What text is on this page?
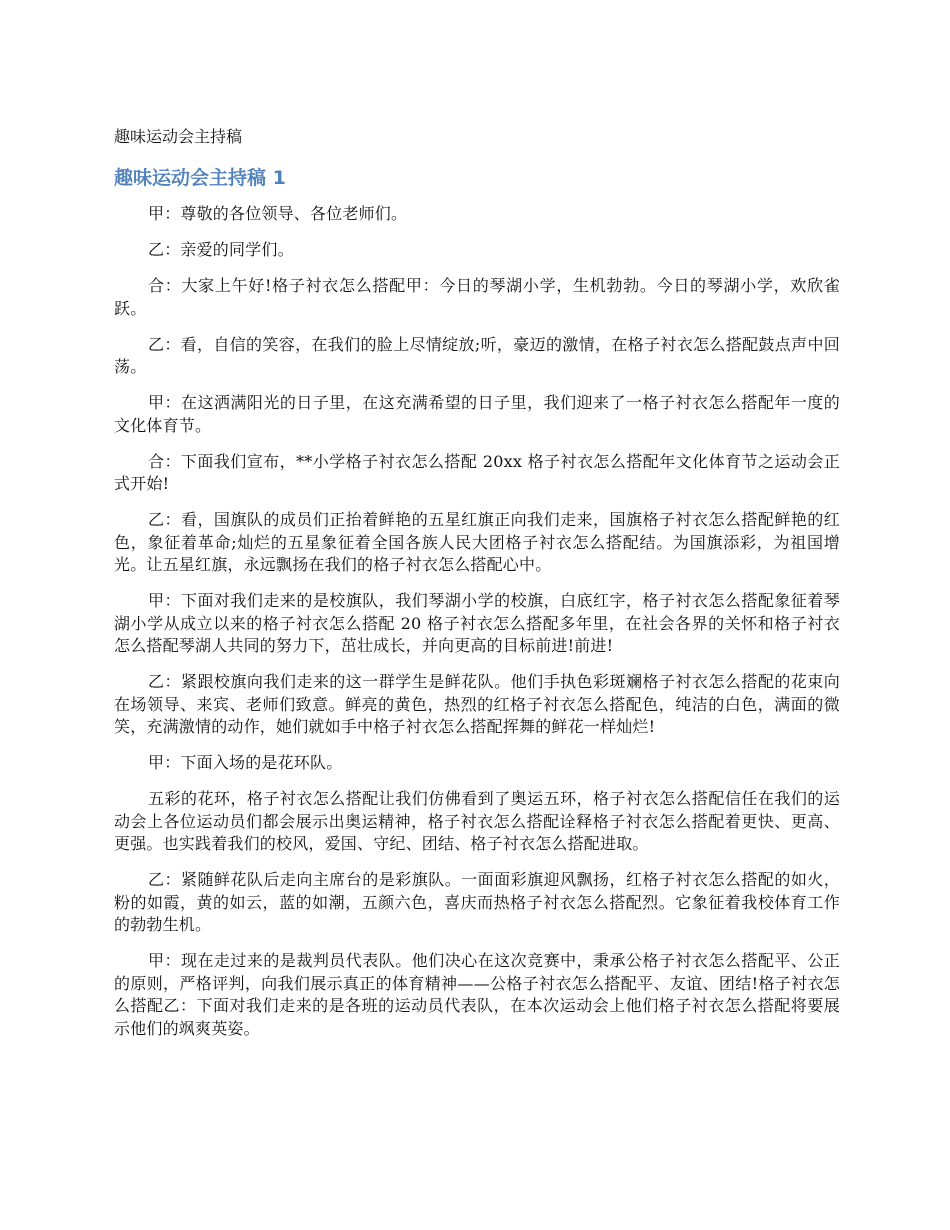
趣味运动会主持稿

趣味运动会主持稿 1

甲：尊敬的各位领导、各位老师们。

乙：亲爱的同学们。

合：大家上午好!格子衬衣怎么搭配甲：今日的琴湖小学，生机勃勃。今日的琴湖小学，欢欣雀跃。

乙：看，自信的笑容，在我们的脸上尽情绽放;听，豪迈的激情，在格子衬衣怎么搭配鼓点声中回荡。

甲：在这洒满阳光的日子里，在这充满希望的日子里，我们迎来了一格子衬衣怎么搭配年一度的文化体育节。

合：下面我们宣布，**小学格子衬衣怎么搭配 20xx 格子衬衣怎么搭配年文化体育节之运动会正式开始!

乙：看，国旗队的成员们正抬着鲜艳的五星红旗正向我们走来，国旗格子衬衣怎么搭配鲜艳的红色，象征着革命;灿烂的五星象征着全国各族人民大团格子衬衣怎么搭配结。为国旗添彩，为祖国增光。让五星红旗，永远飘扬在我们的格子衬衣怎么搭配心中。

甲：下面对我们走来的是校旗队，我们琴湖小学的校旗，白底红字，格子衬衣怎么搭配象征着琴湖小学从成立以来的格子衬衣怎么搭配 20 格子衬衣怎么搭配多年里，在社会各界的关怀和格子衬衣怎么搭配琴湖人共同的努力下，茁壮成长，并向更高的目标前进!前进!

乙：紧跟校旗向我们走来的这一群学生是鲜花队。他们手执色彩斑斓格子衬衣怎么搭配的花束向在场领导、来宾、老师们致意。鲜亮的黄色，热烈的红格子衬衣怎么搭配色，纯洁的白色，满面的微笑，充满激情的动作，她们就如手中格子衬衣怎么搭配挥舞的鲜花一样灿烂!

甲：下面入场的是花环队。

五彩的花环，格子衬衣怎么搭配让我们仿佛看到了奥运五环，格子衬衣怎么搭配信任在我们的运动会上各位运动员们都会展示出奥运精神，格子衬衣怎么搭配诠释格子衬衣怎么搭配着更快、更高、更强。也实践着我们的校风，爱国、守纪、团结、格子衬衣怎么搭配进取。

乙：紧随鲜花队后走向主席台的是彩旗队。一面面彩旗迎风飘扬，红格子衬衣怎么搭配的如火，粉的如霞，黄的如云，蓝的如潮，五颜六色，喜庆而热格子衬衣怎么搭配烈。它象征着我校体育工作的勃勃生机。

甲：现在走过来的是裁判员代表队。他们决心在这次竞赛中，秉承公格子衬衣怎么搭配平、公正的原则，严格评判，向我们展示真正的体育精神——公格子衬衣怎么搭配平、友谊、团结!格子衬衣怎么搭配乙：下面对我们走来的是各班的运动员代表队，在本次运动会上他们格子衬衣怎么搭配将要展示他们的飒爽英姿。
